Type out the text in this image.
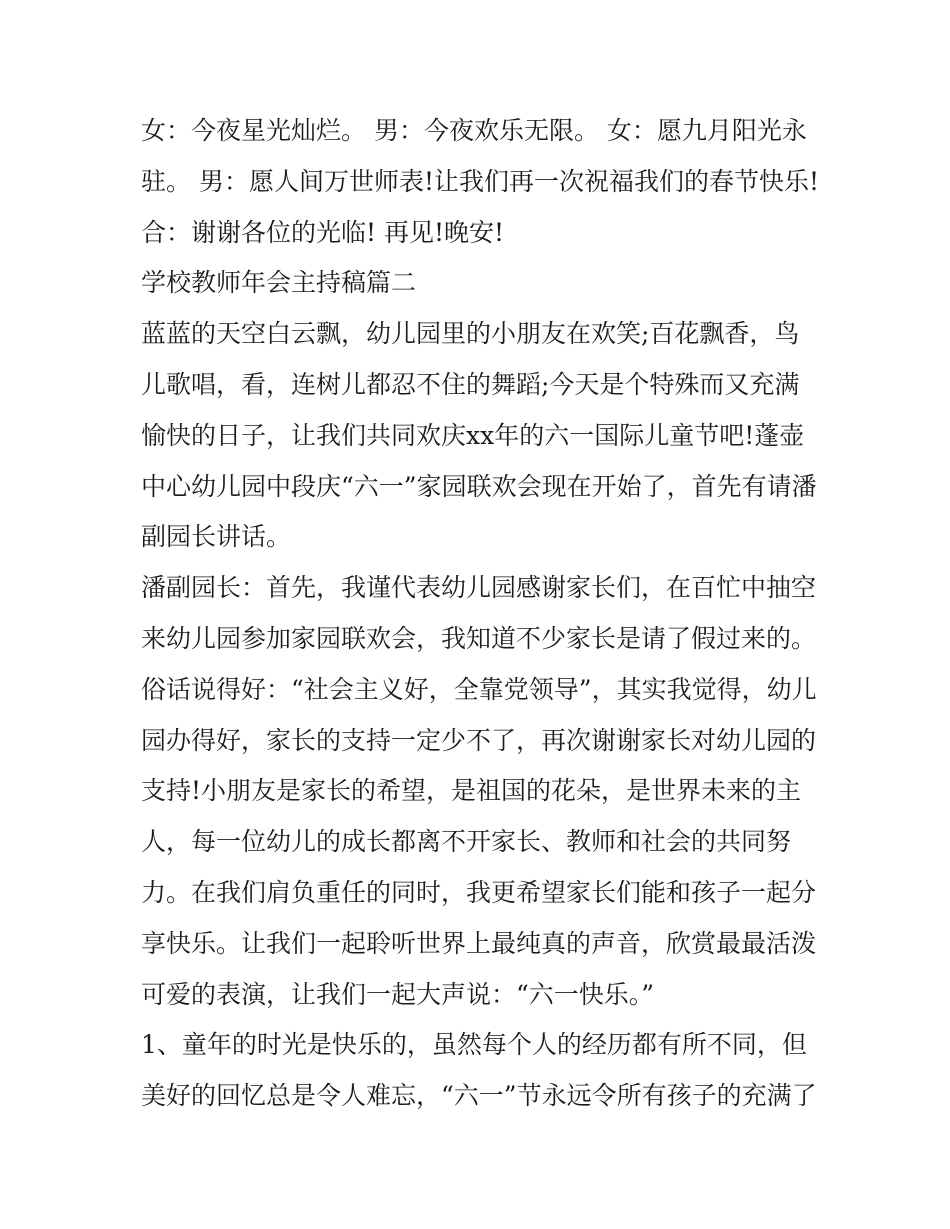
女：今夜星光灿烂。 男：今夜欢乐无限。 女：愿九月阳光永驻。 男：愿人间万世师表!让我们再一次祝福我们的春节快乐!

合：谢谢各位的光临! 再见!晚安!

学校教师年会主持稿篇二

蓝蓝的天空白云飘，幼儿园里的小朋友在欢笑;百花飘香，鸟儿歌唱，看，连树儿都忍不住的舞蹈;今天是个特殊而又充满愉快的日子，让我们共同欢庆xx年的六一国际儿童节吧!蓬壶中心幼儿园中段庆“六一”家园联欢会现在开始了，首先有请潘副园长讲话。

潘副园长：首先，我谨代表幼儿园感谢家长们，在百忙中抽空来幼儿园参加家园联欢会，我知道不少家长是请了假过来的。俗话说得好：“社会主义好，全靠党领导”，其实我觉得，幼儿园办得好，家长的支持一定少不了，再次谢谢家长对幼儿园的支持!小朋友是家长的希望，是祖国的花朵，是世界未来的主人，每一位幼儿的成长都离不开家长、教师和社会的共同努力。在我们肩负重任的同时，我更希望家长们能和孩子一起分享快乐。让我们一起聆听世界上最纯真的声音，欣赏最最活泼可爱的表演，让我们一起大声说：“六一快乐。”

1、童年的时光是快乐的，虽然每个人的经历都有所不同，但美好的回忆总是令人难忘，“六一”节永远令所有孩子的充满了
